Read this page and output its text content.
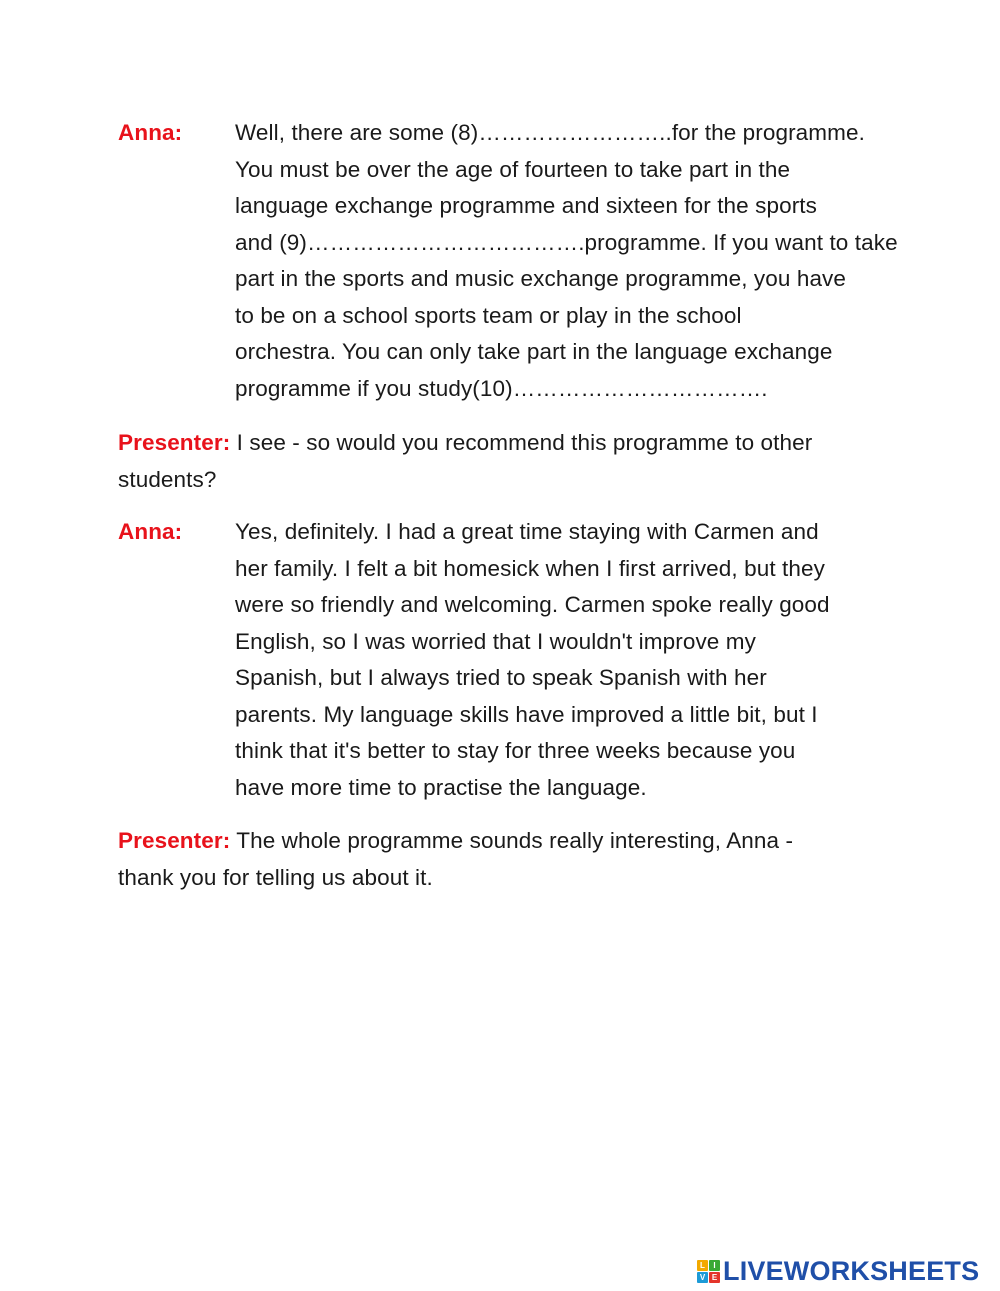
Anna:	Well, there are some (8)……………………..for the programme.
You must be over the age of fourteen to take part in the
language exchange programme and sixteen for the sports
and (9)……………………………….programme. If you want to take
part in the sports and music exchange programme, you have
to be on a school sports team or play in the school
orchestra. You can only take part in the language exchange
programme if you study(10)…………………………….
Presenter: I see - so would you recommend this programme to other
students?
Anna:	Yes, definitely. I had a great time staying with Carmen and
her family. I felt a bit homesick when I first arrived, but they
were so friendly and welcoming. Carmen spoke really good
English, so I was worried that I wouldn't improve my
Spanish, but I always tried to speak Spanish with her
parents. My language skills have improved a little bit, but I
think that it's better to stay for three weeks because you
have more time to practise the language.
Presenter: The whole programme sounds really interesting, Anna -
thank you for telling us about it.
L	I
V E LIVEWORKSHEETS
